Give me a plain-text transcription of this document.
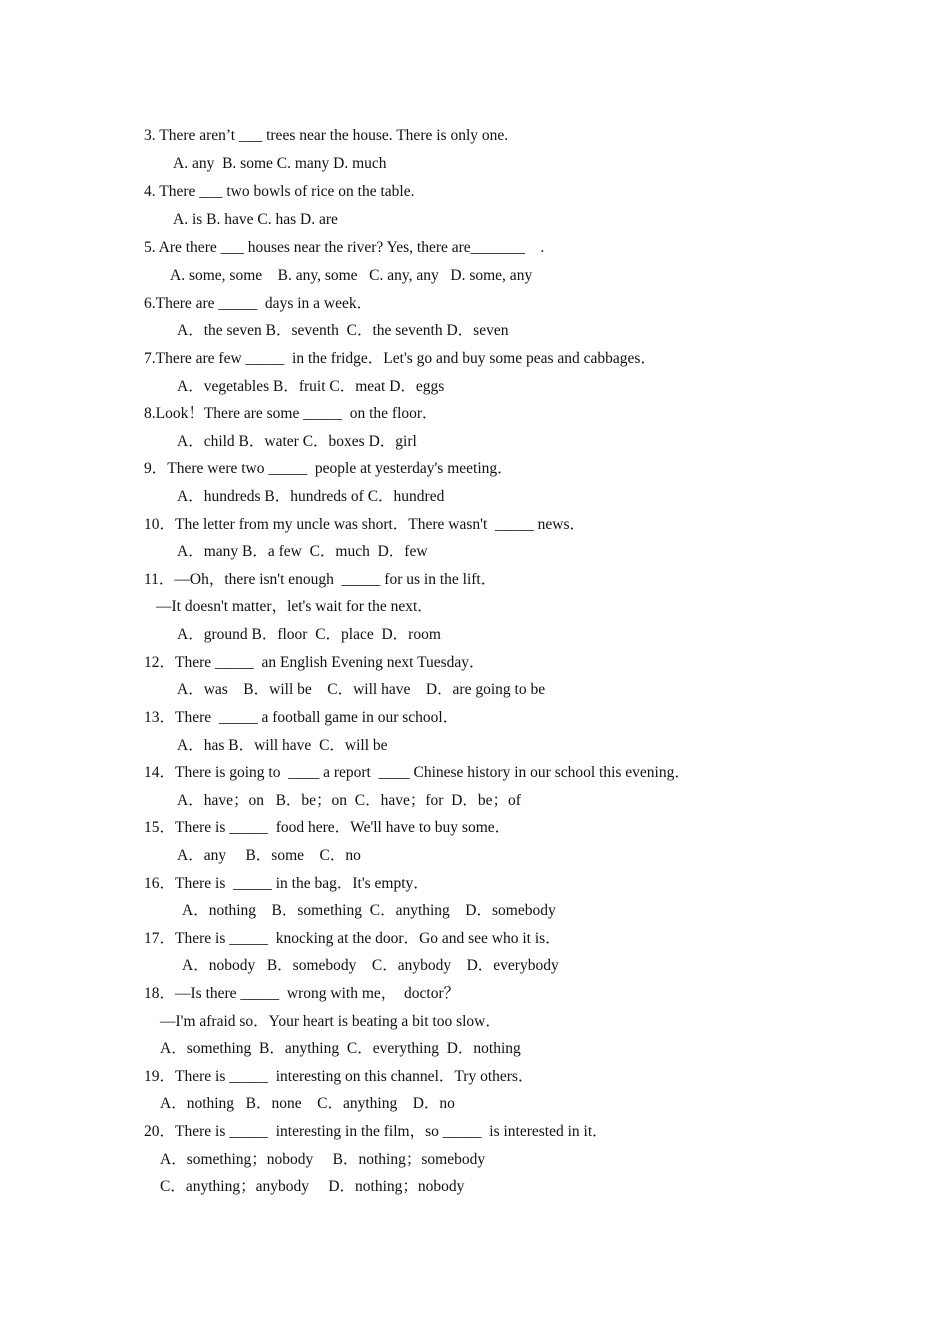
3. There aren’t ___ trees near the house. There is only one.
A. any  B. some C. many D. much
4. There ___ two bowls of rice on the table.
A. is B. have C. has D. are
5. Are there ___ houses near the river? Yes, there are_______    .
A. some, some    B. any, some   C. any, any   D. some, any
6.There are _____  days in a week．
A．the seven B．seventh  C．the seventh D．seven
7.There are few _____  in the fridge．Let's go and buy some peas and cabbages．
A．vegetables B．fruit C．meat D．eggs
8.Look！There are some _____  on the floor．
A．child B．water C．boxes D．girl
9．There were two _____  people at yesterday's meeting．
A．hundreds B．hundreds of C．hundred
10．The letter from my uncle was short．There wasn't  _____ news．
A．many B．a few  C．much  D．few
11．—Oh，there isn't enough  _____ for us in the lift．
—It doesn't matter，let's wait for the next．
A．ground B．floor  C．place  D．room
12．There _____  an English Evening next Tuesday．
A．was    B．will be    C．will have    D．are going to be
13．There  _____ a football game in our school．
A．has B．will have  C．will be
14．There is going to  ____ a report  ____ Chinese history in our school this evening．
A．have；on   B．be；on  C．have；for  D．be；of
15．There is _____  food here．We'll have to buy some．
A．any     B．some    C．no
16．There is  _____ in the bag．It's empty．
A．nothing    B．something  C．anything    D．somebody
17．There is _____  knocking at the door．Go and see who it is．
A．nobody   B．somebody    C．anybody    D．everybody
18．—Is there _____  wrong with me，  doctor？
—I'm afraid so．Your heart is beating a bit too slow．
A．something  B．anything  C．everything  D．nothing
19．There is _____  interesting on this channel．Try others．
A．nothing   B．none    C．anything    D．no
20．There is _____  interesting in the film，so _____  is interested in it．
A．something；nobody     B．nothing；somebody
C．anything；anybody     D．nothing；nobody
